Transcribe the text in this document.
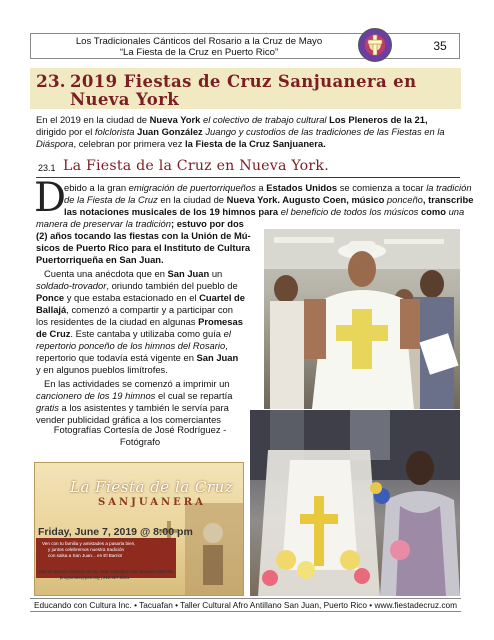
Los Tradicionales Cánticos del Rosario a la Cruz de Mayo
“La Fiesta de la Cruz en Puerto Rico”	35
23. 2019 Fiestas de Cruz Sanjuanera en
Nueva York
En el 2019 en la ciudad de Nueva York el colectivo de trabajo cultural Los Pleneros de la 21,
dirigido por el folclorista Juan González Juango y custodios de las tradiciones de las Fiestas en la
Diáspora, celebran por primera vez la Fiesta de la Cruz Sanjuanera.
23.1 La Fiesta de la Cruz en Nueva York.
D
ebido a la gran emigración de puertorriqueños a Estados Unidos se comienza a tocar la tradición
de la Fiesta de la Cruz en la ciudad de Nueva York. Augusto Coen, músico ponceño, transcribe
las notaciones musicales de los 19 himnos para el beneficio de todos los músicos como una
manera de preservar la tradición; estuvo por dos
(2) años tocando las fiestas con la Unión de Mú-
sicos de Puerto Rico para el Instituto de Cultura
Puertorriqueña en San Juan.
Cuenta una anécdota que en San Juan un
soldado-trovador, oriundo también del pueblo de
Ponce y que estaba estacionado en el Cuartel de
Ballajá, comenzó a compartir y a participar con
los residentes de la ciudad en algunas Promesas
de Cruz. Este cantaba y utilizaba como guía el
repertorio ponceño de los himnos del Rosario,
repertorio que todavía está vigente en San Juan
y en algunos pueblos limítrofes.
En las actividades se comenzó a imprimir un
cancionero de los 19 himnos el cual se repartía
gratis a los asistentes y también le servía para
vender publicidad gráfica a los comerciantes
Fotografías Cortesía de José Rodríguez -
Fotógrafo
La Fiesta de la Cruz
SANJUANERA
Friday, June 7, 2019 @ 8:00 pm
Ven con tu familia y amistades a pasarla bien,
y juntos celebremos nuestra tradición
con salsa a San Juan... en El Barrio!
Julia de Burgos Cultural Center, 1680 Lexington Ave. between 105/106
programas@p21.org | 212.427.5221
Educando con Cultura Inc. • Tacuafan • Taller Cultural Afro Antillano San Juan, Puerto Rico • www.fiestadecruz.com
